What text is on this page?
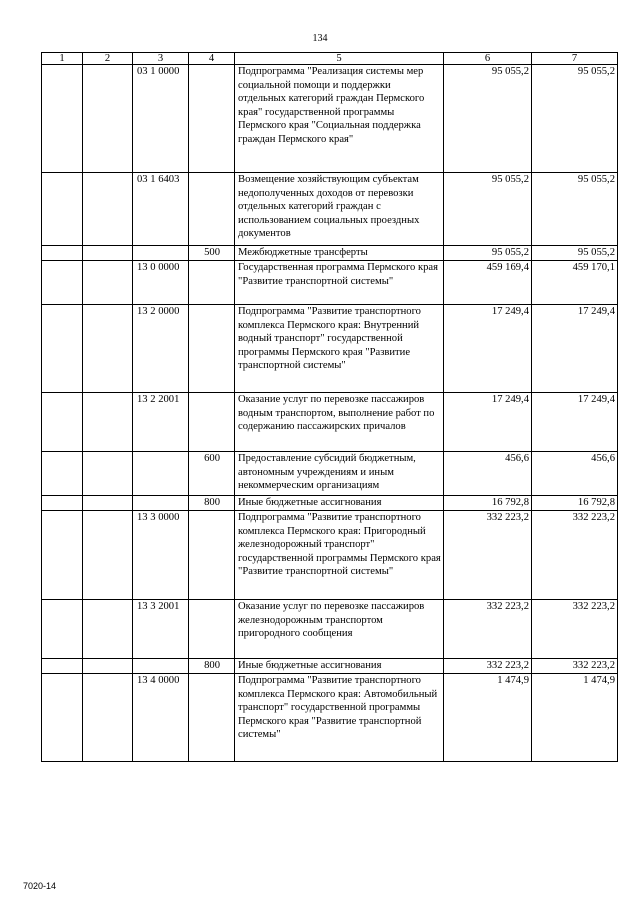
134
1	2	3	4	5	6	7
		03 1 0000		Подпрограмма "Реализация системы мер социальной помощи и поддержки отдельных категорий граждан Пермского края" государственной программы Пермского края "Социальная поддержка граждан Пермского края"	95 055,2	95 055,2
		03 1 6403		Возмещение хозяйствующим субъектам недополученных доходов от перевозки отдельных категорий граждан с использованием социальных проездных документов	95 055,2	95 055,2
			500	Межбюджетные трансферты	95 055,2	95 055,2
		13 0 0000		Государственная программа Пермского края "Развитие транспортной системы"	459 169,4	459 170,1
		13 2 0000		Подпрограмма "Развитие транспортного комплекса Пермского края: Внутренний водный транспорт" государственной программы Пермского края "Развитие транспортной системы"	17 249,4	17 249,4
		13 2 2001		Оказание услуг по перевозке пассажиров водным транспортом, выполнение работ по содержанию пассажирских причалов	17 249,4	17 249,4
			600	Предоставление субсидий бюджетным, автономным учреждениям и иным некоммерческим организациям	456,6	456,6
			800	Иные бюджетные ассигнования	16 792,8	16 792,8
		13 3 0000		Подпрограмма "Развитие транспортного комплекса Пермского края: Пригородный железнодорожный транспорт" государственной программы Пермского края "Развитие транспортной системы"	332 223,2	332 223,2
		13 3 2001		Оказание услуг по перевозке пассажиров железнодорожным транспортом пригородного сообщения	332 223,2	332 223,2
			800	Иные бюджетные ассигнования	332 223,2	332 223,2
		13 4 0000		Подпрограмма "Развитие транспортного комплекса Пермского края: Автомобильный транспорт" государственной программы Пермского края "Развитие транспортной системы"	1 474,9	1 474,9
7020-14
